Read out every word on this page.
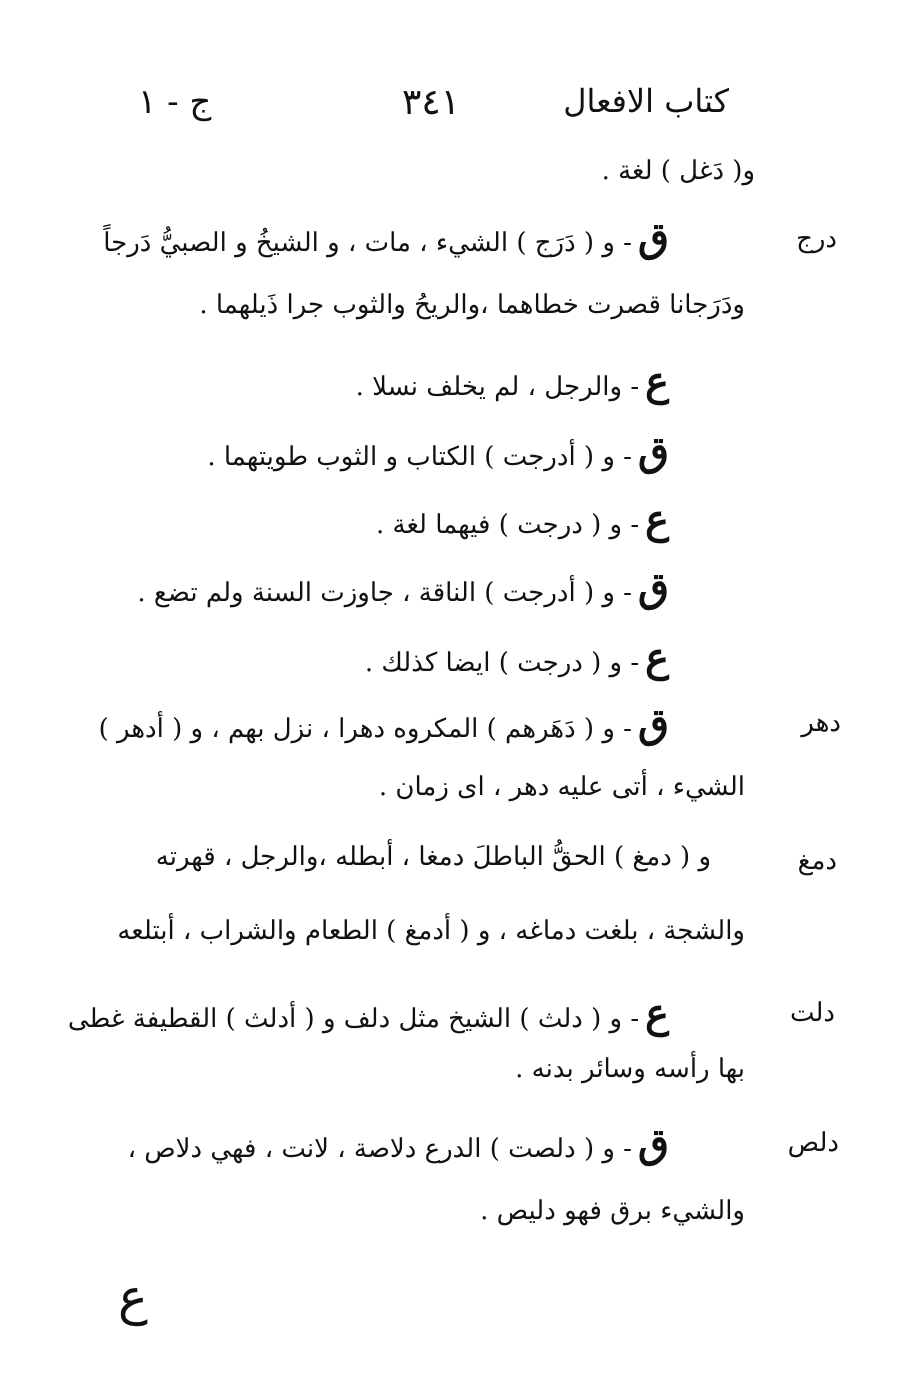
كتاب الافعال
٣٤١
ج - ١
درج
دهر
دمغ
دلت
دلص
و( دَغل ) لغة .
ق- و ( دَرَج ) الشيء ، مات ، و الشيخُ و الصبيُّ دَرجاً
ودَرَجانا قصرت خطاهما ،والريحُ والثوب جرا ذَيلهما .
ع- والرجل ، لم يخلف نسلا .
ق- و ( أدرجت ) الكتاب و الثوب طويتهما .
ع- و ( درجت ) فيهما لغة .
ق- و ( أدرجت ) الناقة ، جاوزت السنة ولم تضع .
ع- و ( درجت ) ايضا كذلك .
ق- و ( دَهَرهم ) المكروه دهرا ، نزل بهم ، و ( أدهر )
الشيء ، أتى عليه دهر ، اى زمان .
و ( دمغ ) الحقُّ الباطلَ دمغا ، أبطله ،والرجل ، قهرته
والشجة ، بلغت دماغه ، و ( أدمغ ) الطعام والشراب ، أبتلعه
ع- و ( دلث ) الشيخ مثل دلف و ( أدلث ) القطيفة غطى
بها رأسه وسائر بدنه .
ق- و ( دلصت ) الدرع دلاصة ، لانت ، فهي دلاص ،
والشيء برق فهو دليص .
ع
